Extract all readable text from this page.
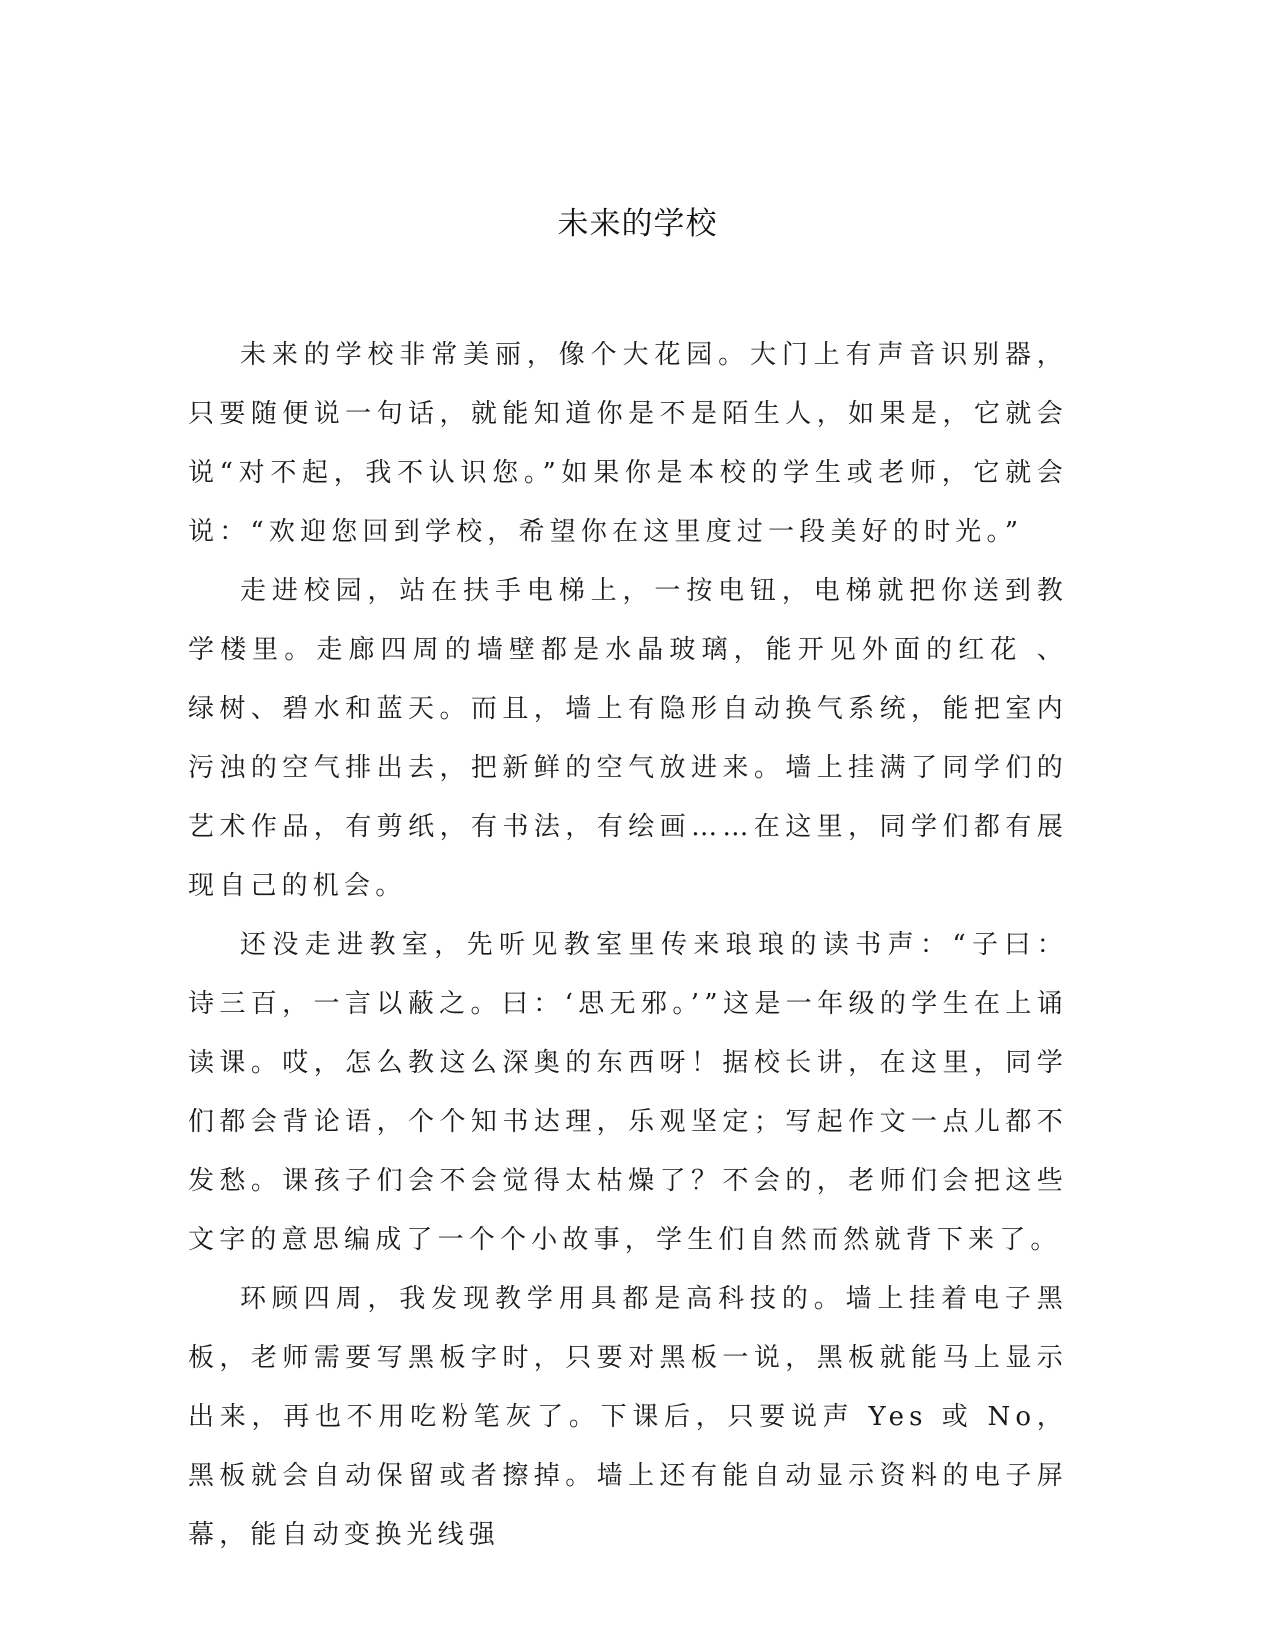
未来的学校

未来的学校非常美丽，像个大花园。大门上有声音识别器，只要随便说一句话，就能知道你是不是陌生人，如果是，它就会说“对不起，我不认识您。”如果你是本校的学生或老师，它就会说：“欢迎您回到学校，希望你在这里度过一段美好的时光。”

走进校园，站在扶手电梯上，一按电钮，电梯就把你送到教学楼里。走廊四周的墙壁都是水晶玻璃，能开见外面的红花 、绿树、碧水和蓝天。而且，墙上有隐形自动换气系统，能把室内污浊的空气排出去，把新鲜的空气放进来。墙上挂满了同学们的艺术作品，有剪纸，有书法，有绘画……在这里，同学们都有展现自己的机会。

还没走进教室，先听见教室里传来琅琅的读书声：“子曰：诗三百，一言以蔽之。曰：‘思无邪。’”这是一年级的学生在上诵读课。哎，怎么教这么深奥的东西呀！据校长讲，在这里，同学们都会背论语，个个知书达理，乐观坚定；写起作文一点儿都不发愁。课孩子们会不会觉得太枯燥了？不会的，老师们会把这些文字的意思编成了一个个小故事，学生们自然而然就背下来了。

环顾四周，我发现教学用具都是高科技的。墙上挂着电子黑板，老师需要写黑板字时，只要对黑板一说，黑板就能马上显示出来，再也不用吃粉笔灰了。下课后，只要说声 Yes 或 No，黑板就会自动保留或者擦掉。墙上还有能自动显示资料的电子屏幕，能自动变换光线强
